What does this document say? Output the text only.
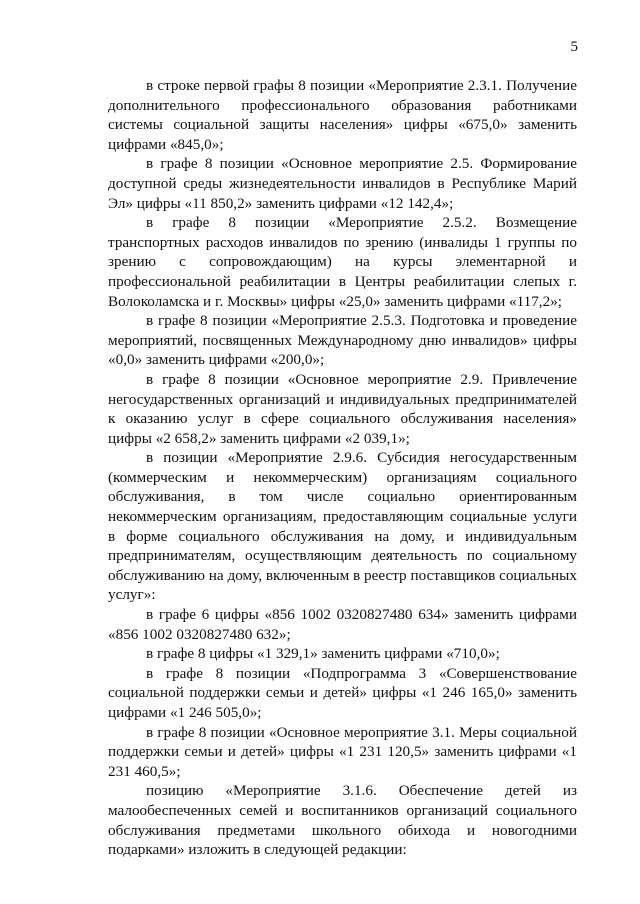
5

в строке первой графы 8 позиции «Мероприятие 2.3.1. Получение дополнительного профессионального образования работниками системы социальной защиты населения» цифры «675,0» заменить цифрами «845,0»;

в графе 8 позиции «Основное мероприятие 2.5. Формирование доступной среды жизнедеятельности инвалидов в Республике Марий Эл» цифры «11 850,2» заменить цифрами «12 142,4»;

в графе 8 позиции «Мероприятие 2.5.2. Возмещение транспортных расходов инвалидов по зрению (инвалиды 1 группы по зрению с сопровождающим) на курсы элементарной и профессиональной реабилитации в Центры реабилитации слепых г. Волоколамска и г. Москвы» цифры «25,0» заменить цифрами «117,2»;

в графе 8 позиции «Мероприятие 2.5.3. Подготовка и проведение мероприятий, посвященных Международному дню инвалидов» цифры «0,0» заменить цифрами «200,0»;

в графе 8 позиции «Основное мероприятие 2.9. Привлечение негосударственных организаций и индивидуальных предпринимателей к оказанию услуг в сфере социального обслуживания населения» цифры «2 658,2» заменить цифрами «2 039,1»;

в позиции «Мероприятие 2.9.6. Субсидия негосударственным (коммерческим и некоммерческим) организациям социального обслуживания, в том числе социально ориентированным некоммерческим организациям, предоставляющим социальные услуги в форме социального обслуживания на дому, и индивидуальным предпринимателям, осуществляющим деятельность по социальному обслуживанию на дому, включенным в реестр поставщиков социальных услуг»:

в графе 6 цифры «856 1002 0320827480 634» заменить цифрами «856 1002 0320827480 632»;

в графе 8 цифры «1 329,1» заменить цифрами «710,0»;

в графе 8 позиции «Подпрограмма 3 «Совершенствование социальной поддержки семьи и детей» цифры «1 246 165,0» заменить цифрами «1 246 505,0»;

в графе 8 позиции «Основное мероприятие 3.1. Меры социальной поддержки семьи и детей» цифры «1 231 120,5» заменить цифрами «1 231 460,5»;

позицию «Мероприятие 3.1.6. Обеспечение детей из малообеспеченных семей и воспитанников организаций социального обслуживания предметами школьного обихода и новогодними подарками» изложить в следующей редакции:
